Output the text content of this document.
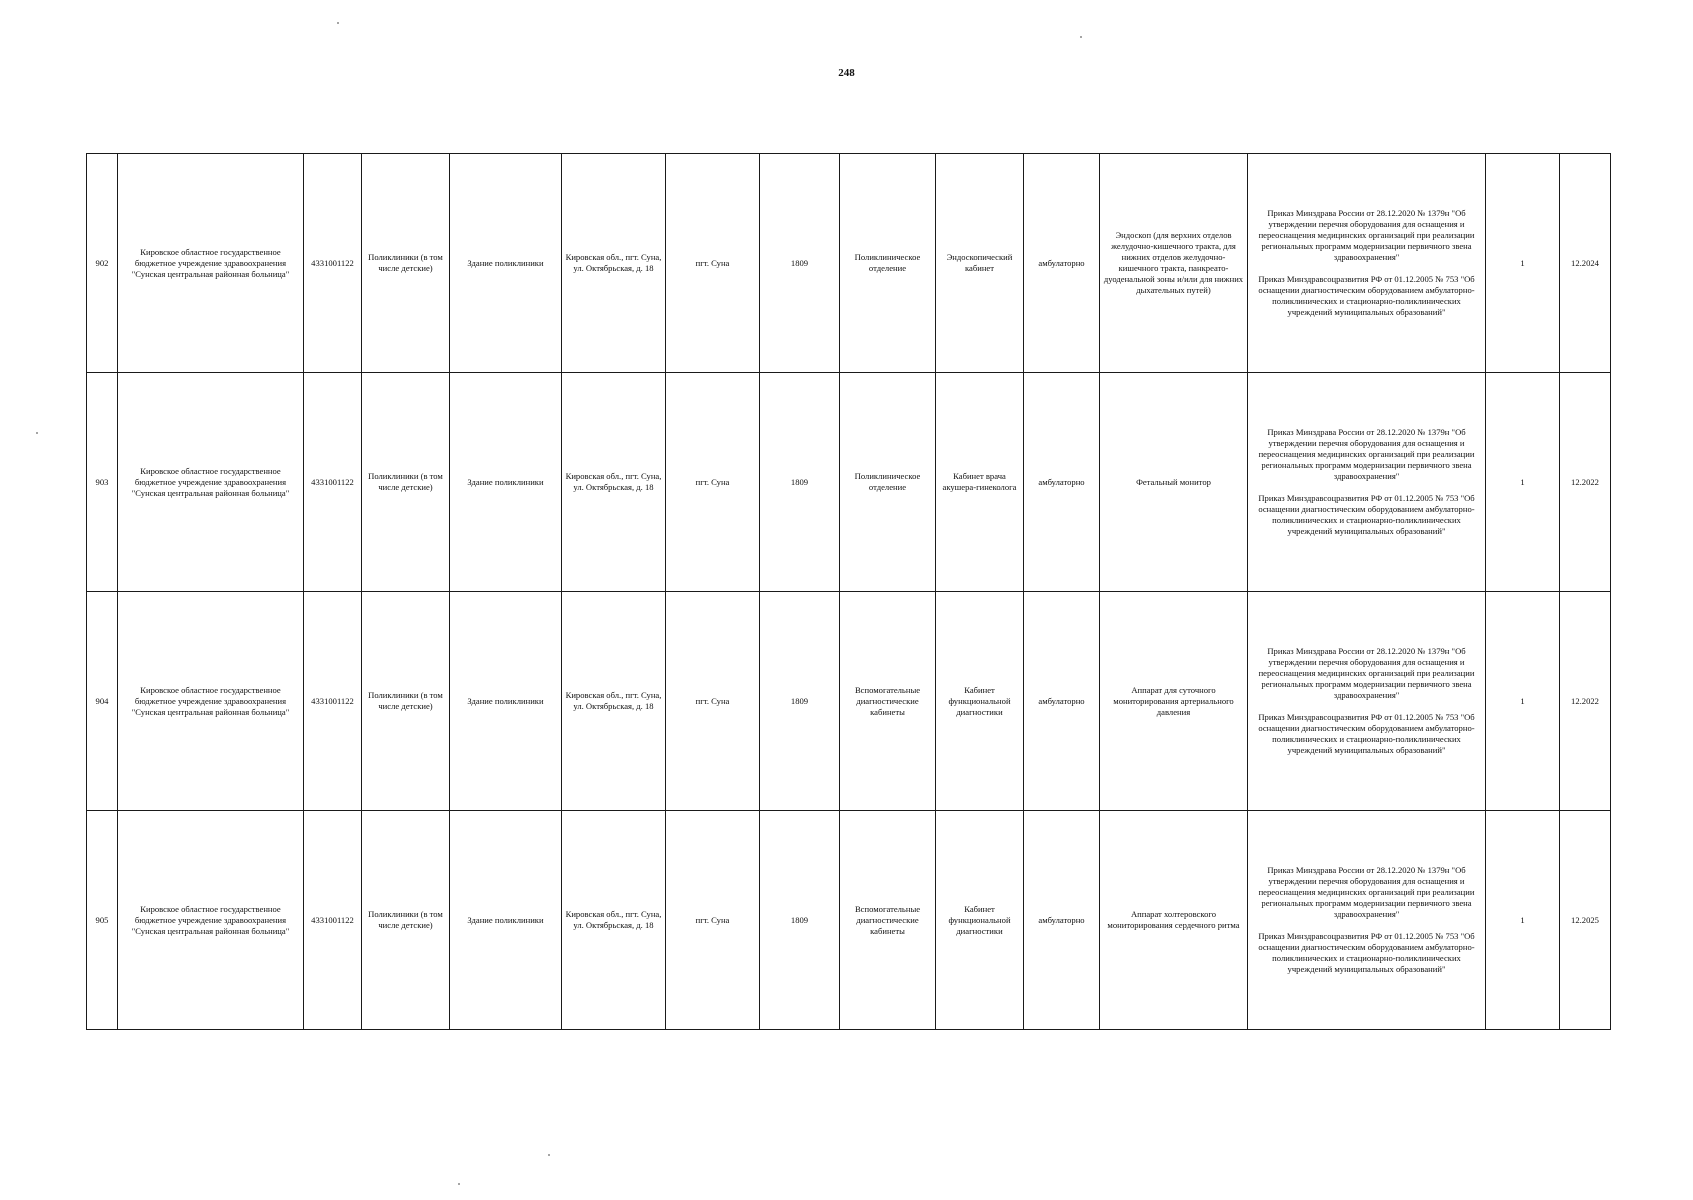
248
902	Кировское областное государственное бюджетное учреждение здравоохранения "Сунская центральная районная больница"	4331001122	Поликлиники (в том числе детские)	Здание поликлиники	Кировская обл., пгт. Суна, ул. Октябрьская, д. 18	пгт. Суна	1809	Поликлиническое отделение	Эндоскопический кабинет	амбулаторно	Эндоскоп (для верхних отделов желудочно-кишечного тракта, для нижних отделов желудочно-кишечного тракта, панкреато-дуоденальной зоны и/или для нижних дыхательных путей)	Приказ Минздрава России от 28.12.2020 № 1379н "Об утверждении перечня оборудования для оснащения и переоснащения медицинских организаций при реализации региональных программ модернизации первичного звена здравоохранения"
Приказ Минздравсоцразвития РФ от 01.12.2005 № 753 "Об оснащении диагностическим оборудованием амбулаторно-поликлинических и стационарно-поликлинических учреждений муниципальных образований"	1	12.2024
903	Кировское областное государственное бюджетное учреждение здравоохранения "Сунская центральная районная больница"	4331001122	Поликлиники (в том числе детские)	Здание поликлиники	Кировская обл., пгт. Суна, ул. Октябрьская, д. 18	пгт. Суна	1809	Поликлиническое отделение	Кабинет врача акушера-гинеколога	амбулаторно	Фетальный монитор	Приказ Минздрава России от 28.12.2020 № 1379н "Об утверждении перечня оборудования для оснащения и переоснащения медицинских организаций при реализации региональных программ модернизации первичного звена здравоохранения"
Приказ Минздравсоцразвития РФ от 01.12.2005 № 753 "Об оснащении диагностическим оборудованием амбулаторно-поликлинических и стационарно-поликлинических учреждений муниципальных образований"	1	12.2022
904	Кировское областное государственное бюджетное учреждение здравоохранения "Сунская центральная районная больница"	4331001122	Поликлиники (в том числе детские)	Здание поликлиники	Кировская обл., пгт. Суна, ул. Октябрьская, д. 18	пгт. Суна	1809	Вспомогательные диагностические кабинеты	Кабинет функциональной диагностики	амбулаторно	Аппарат для суточного мониторирования артериального давления	Приказ Минздрава России от 28.12.2020 № 1379н "Об утверждении перечня оборудования для оснащения и переоснащения медицинских организаций при реализации региональных программ модернизации первичного звена здравоохранения"
Приказ Минздравсоцразвития РФ от 01.12.2005 № 753 "Об оснащении диагностическим оборудованием амбулаторно-поликлинических и стационарно-поликлинических учреждений муниципальных образований"	1	12.2022
905	Кировское областное государственное бюджетное учреждение здравоохранения "Сунская центральная районная больница"	4331001122	Поликлиники (в том числе детские)	Здание поликлиники	Кировская обл., пгт. Суна, ул. Октябрьская, д. 18	пгт. Суна	1809	Вспомогательные диагностические кабинеты	Кабинет функциональной диагностики	амбулаторно	Аппарат холтеровского мониторирования сердечного ритма	Приказ Минздрава России от 28.12.2020 № 1379н "Об утверждении перечня оборудования для оснащения и переоснащения медицинских организаций при реализации региональных программ модернизации первичного звена здравоохранения"
Приказ Минздравсоцразвития РФ от 01.12.2005 № 753 "Об оснащении диагностическим оборудованием амбулаторно-поликлинических и стационарно-поликлинических учреждений муниципальных образований"	1	12.2025
